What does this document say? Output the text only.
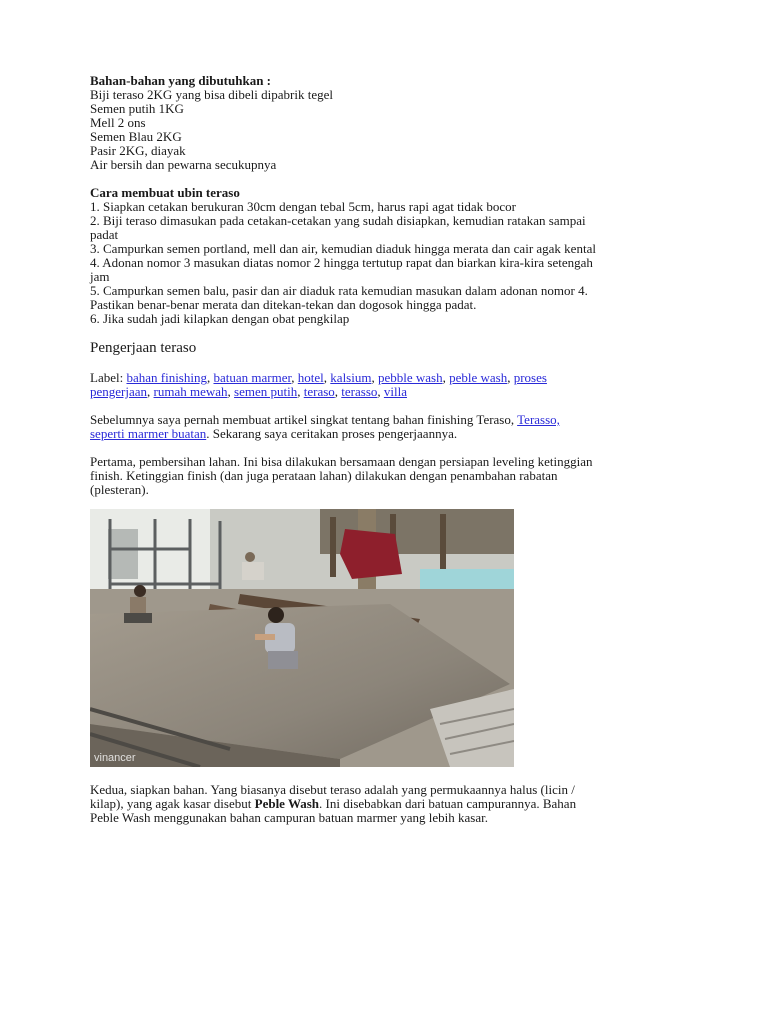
Bahan-bahan yang dibutuhkan :
Biji teraso 2KG yang bisa dibeli dipabrik tegel
Semen putih 1KG
Mell 2 ons
Semen Blau 2KG
Pasir 2KG, diayak
Air bersih dan pewarna secukupnya
Cara membuat ubin teraso
1. Siapkan cetakan berukuran 30cm dengan tebal 5cm, harus rapi agat tidak bocor
2. Biji teraso dimasukan pada cetakan-cetakan yang sudah disiapkan, kemudian ratakan sampai
padat
3. Campurkan semen portland, mell dan air, kemudian diaduk hingga merata dan cair agak kental
4. Adonan nomor 3 masukan diatas nomor 2 hingga tertutup rapat dan biarkan kira-kira setengah
jam
5. Campurkan semen balu, pasir dan air diaduk rata kemudian masukan dalam adonan nomor 4.
Pastikan benar-benar merata dan ditekan-tekan dan dogosok hingga padat.
6. Jika sudah jadi kilapkan dengan obat pengkilap
Pengerjaan teraso
Label: bahan finishing, batuan marmer, hotel, kalsium, pebble wash, peble wash, proses
pengerjaan, rumah mewah, semen putih, teraso, terasso, villa
Sebelumnya saya pernah membuat artikel singkat tentang bahan finishing Teraso, Terasso,
seperti marmer buatan. Sekarang saya ceritakan proses pengerjaannya.
Pertama, pembersihan lahan. Ini bisa dilakukan bersamaan dengan persiapan leveling ketinggian
finish. Ketinggian finish (dan juga perataan lahan) dilakukan dengan penambahan rabatan
(plesteran).
vinancer
Kedua, siapkan bahan. Yang biasanya disebut teraso adalah yang permukaannya halus (licin /
kilap), yang agak kasar disebut Peble Wash. Ini disebabkan dari batuan campurannya. Bahan
Peble Wash menggunakan bahan campuran batuan marmer yang lebih kasar.
